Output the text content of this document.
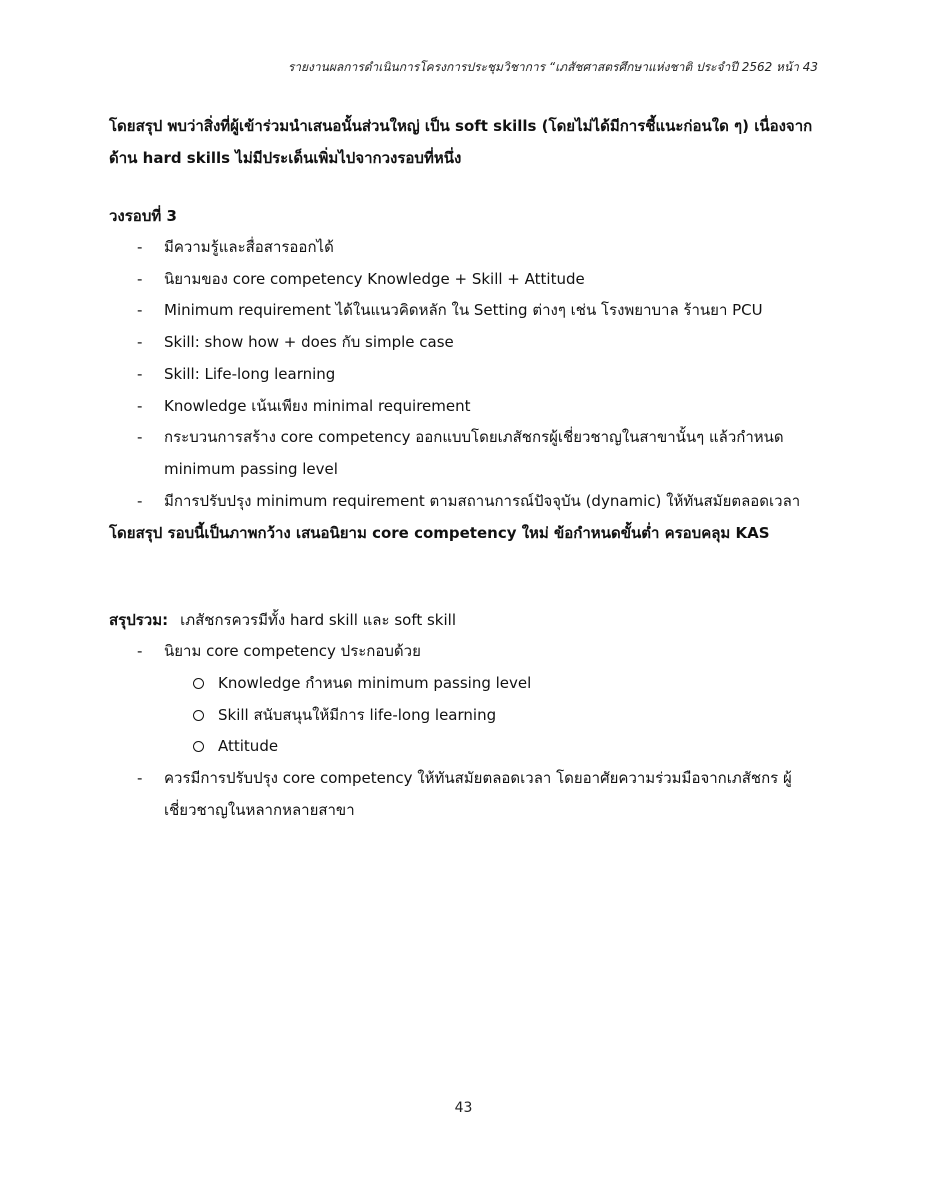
รายงานผลการดำเนินการโครงการประชุมวิชาการ “เภสัชศาสตรศึกษาแห่งชาติ ประจำปี 2562 หน้า 43

โดยสรุป พบว่าสิ่งที่ผู้เข้าร่วมนำเสนอนั้นส่วนใหญ่ เป็น soft skills (โดยไม่ได้มีการชี้แนะก่อนใด ๆ) เนื่องจากด้าน hard skills ไม่มีประเด็นเพิ่มไปจากวงรอบที่หนึ่ง

วงรอบที่ 3

-	มีความรู้และสื่อสารออกได้
-	นิยามของ core competency Knowledge + Skill + Attitude
-	Minimum requirement ได้ในแนวคิดหลัก ใน Setting ต่างๆ เช่น โรงพยาบาล ร้านยา PCU
-	Skill: show how + does กับ simple case
-	Skill: Life-long learning
-	Knowledge เน้นเพียง minimal requirement
-	กระบวนการสร้าง core competency ออกแบบโดยเภสัชกรผู้เชี่ยวชาญในสาขานั้นๆ แล้วกำหนด minimum passing level
-	มีการปรับปรุง minimum requirement ตามสถานการณ์ปัจจุบัน (dynamic) ให้ทันสมัยตลอดเวลา

โดยสรุป รอบนี้เป็นภาพกว้าง เสนอนิยาม core competency ใหม่ ข้อกำหนดขั้นต่ำ ครอบคลุม KAS

สรุปรวม: เภสัชกรควรมีทั้ง hard skill และ soft skill

-	นิยาม core competency ประกอบด้วย
Knowledge กำหนด minimum passing level
Skill สนับสนุนให้มีการ life-long learning
Attitude
-	ควรมีการปรับปรุง core competency ให้ทันสมัยตลอดเวลา โดยอาศัยความร่วมมือจากเภสัชกร ผู้เชี่ยวชาญในหลากหลายสาขา
43
